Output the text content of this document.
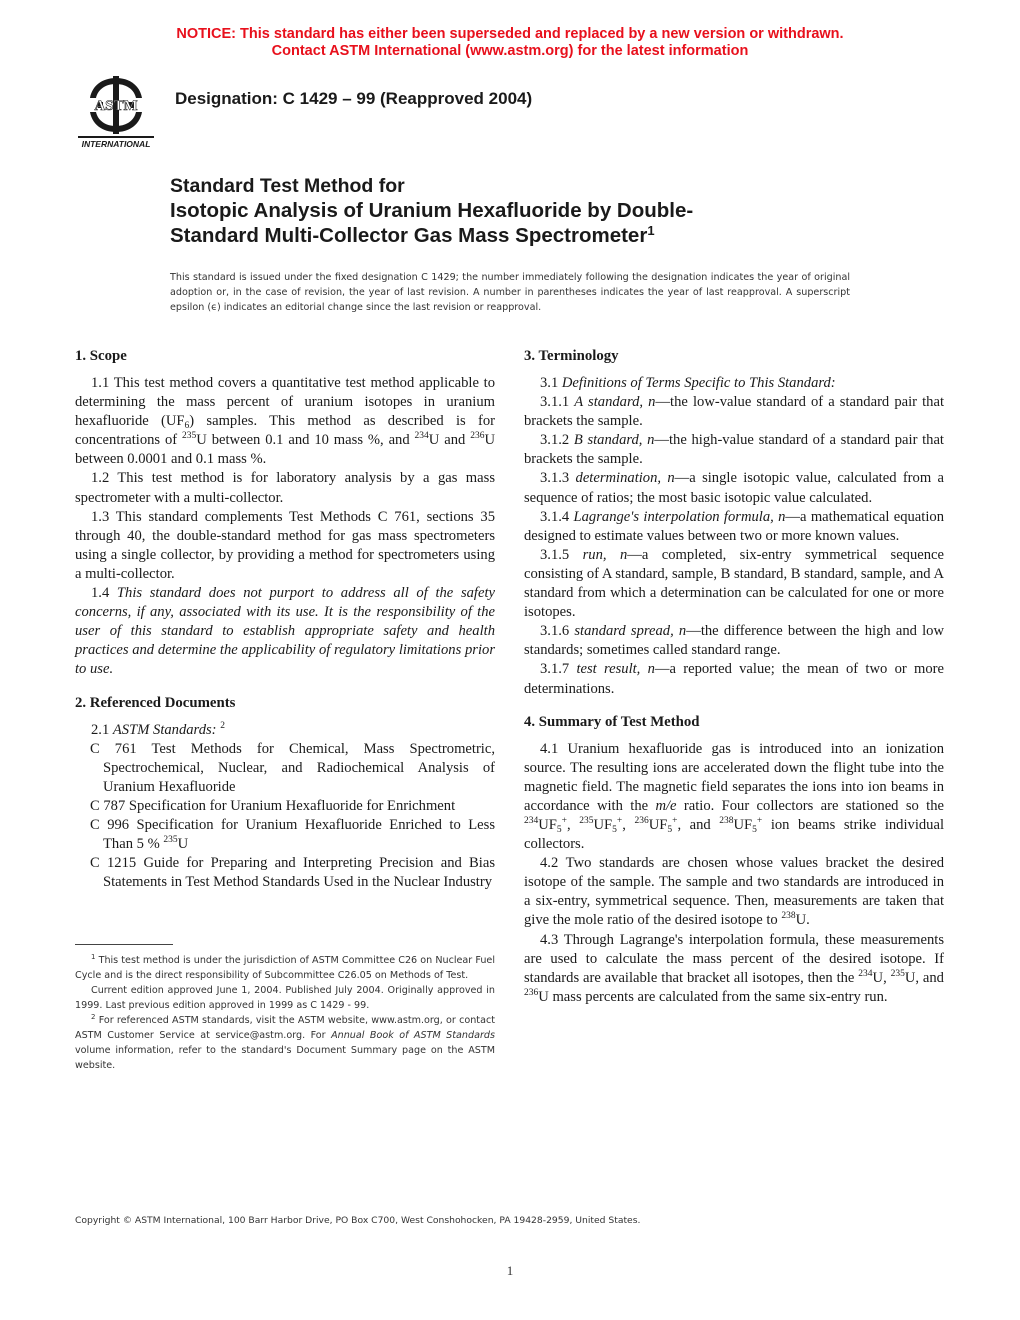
NOTICE: This standard has either been superseded and replaced by a new version or withdrawn.
Contact ASTM International (www.astm.org) for the latest information
ASTM
INTERNATIONAL
Designation: C 1429 – 99 (Reapproved 2004)
Standard Test Method for
Isotopic Analysis of Uranium Hexafluoride by Double-
Standard Multi-Collector Gas Mass Spectrometer$^1$
This standard is issued under the fixed designation C 1429; the number immediately following the designation indicates the year of original adoption or, in the case of revision, the year of last revision. A number in parentheses indicates the year of last reapproval. A superscript epsilon (ϵ) indicates an editorial change since the last revision or reapproval.
1. Scope

1.1 This test method covers a quantitative test method applicable to determining the mass percent of uranium isotopes in uranium hexafluoride $(UF_6)$ samples. This method as described is for concentrations of $^{235}$U between 0.1 and 10 mass %, and $^{234}$U and $^{236}$U between 0.0001 and 0.1 mass %.

1.2 This test method is for laboratory analysis by a gas mass spectrometer with a multi-collector.

1.3 This standard complements Test Methods C 761, sections 35 through 40, the double-standard method for gas mass spectrometers using a single collector, by providing a method for spectrometers using a multi-collector.

1.4 This standard does not purport to address all of the safety concerns, if any, associated with its use. It is the responsibility of the user of this standard to establish appropriate safety and health practices and determine the applicability of regulatory limitations prior to use.

2. Referenced Documents

2.1 ASTM Standards: $^2$

C 761 Test Methods for Chemical, Mass Spectrometric, Spectrochemical, Nuclear, and Radiochemical Analysis of Uranium Hexafluoride

C 787 Specification for Uranium Hexafluoride for Enrichment

C 996 Specification for Uranium Hexafluoride Enriched to Less Than 5 % $^{235}$U

C 1215 Guide for Preparing and Interpreting Precision and Bias Statements in Test Method Standards Used in the Nuclear Industry

$^1$ This test method is under the jurisdiction of ASTM Committee C26 on Nuclear Fuel Cycle and is the direct responsibility of Subcommittee C26.05 on Methods of Test.

Current edition approved June 1, 2004. Published July 2004. Originally approved in 1999. Last previous edition approved in 1999 as C 1429 - 99.

$^2$ For referenced ASTM standards, visit the ASTM website, www.astm.org, or contact ASTM Customer Service at service@astm.org. For Annual Book of ASTM Standards volume information, refer to the standard's Document Summary page on the ASTM website.

3. Terminology

3.1 Definitions of Terms Specific to This Standard:

3.1.1 A standard, n—the low-value standard of a standard pair that brackets the sample.

3.1.2 B standard, n—the high-value standard of a standard pair that brackets the sample.

3.1.3 determination, n—a single isotopic value, calculated from a sequence of ratios; the most basic isotopic value calculated.

3.1.4 Lagrange's interpolation formula, n—a mathematical equation designed to estimate values between two or more known values.

3.1.5 run, n—a completed, six-entry symmetrical sequence consisting of A standard, sample, B standard, B standard, sample, and A standard from which a determination can be calculated for one or more isotopes.

3.1.6 standard spread, n—the difference between the high and low standards; sometimes called standard range.

3.1.7 test result, n—a reported value; the mean of two or more determinations.

4. Summary of Test Method

4.1 Uranium hexafluoride gas is introduced into an ionization source. The resulting ions are accelerated down the flight tube into the magnetic field. The magnetic field separates the ions into ion beams in accordance with the m/e ratio. Four collectors are stationed so the $^{234}UF_5^+$, $^{235}UF_5^+$, $^{236}UF_5^+$, and $^{238}UF_5^+$ ion beams strike individual collectors.

4.2 Two standards are chosen whose values bracket the desired isotope of the sample. The sample and two standards are introduced in a six-entry, symmetrical sequence. Then, measurements are taken that give the mole ratio of the desired isotope to $^{238}$U.

4.3 Through Lagrange's interpolation formula, these measurements are used to calculate the mass percent of the desired isotope. If standards are available that bracket all isotopes, then the $^{234}$U, $^{235}$U, and $^{236}$U mass percents are calculated from the same six-entry run.

Copyright © ASTM International, 100 Barr Harbor Drive, PO Box C700, West Conshohocken, PA 19428-2959, United States.
1
